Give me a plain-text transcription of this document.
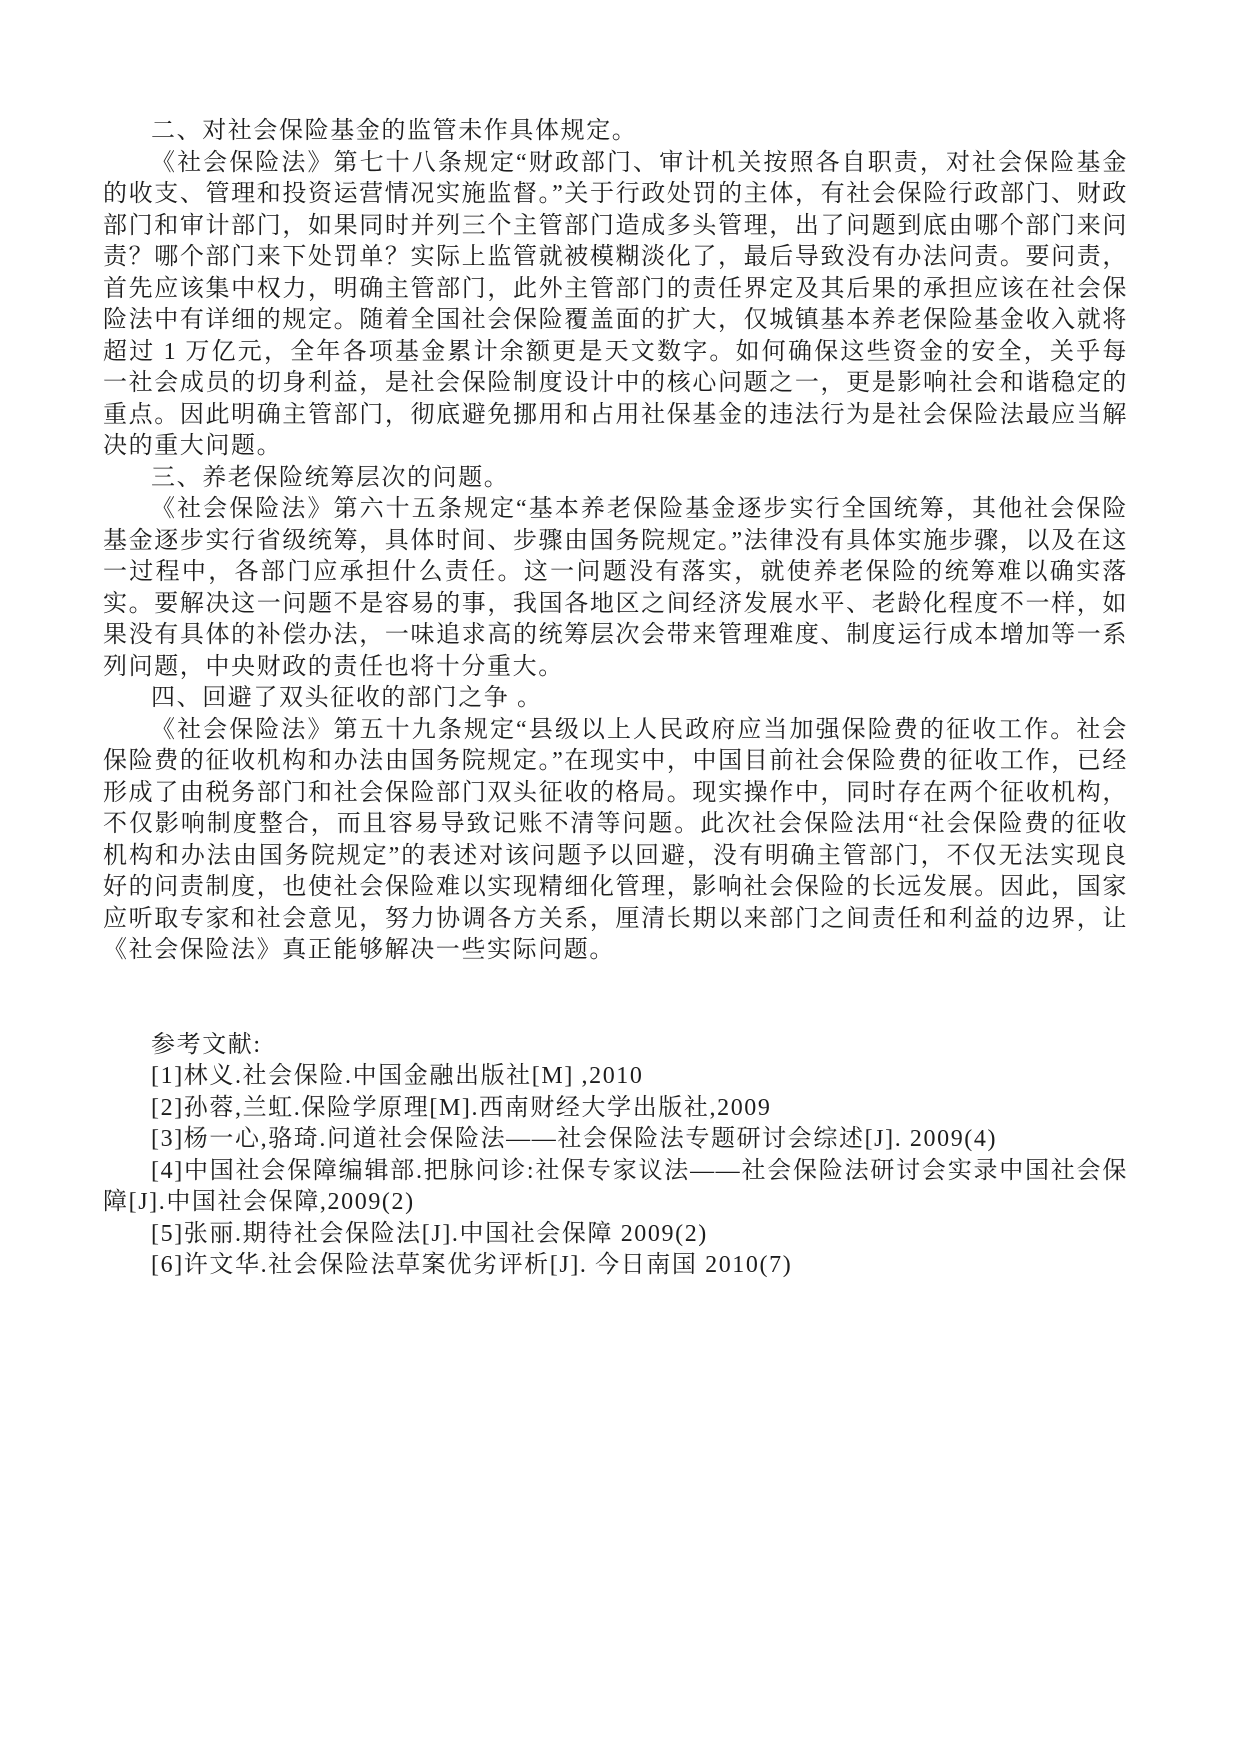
二、对社会保险基金的监管未作具体规定。

《社会保险法》第七十八条规定“财政部门、审计机关按照各自职责，对社会保险基金的收支、管理和投资运营情况实施监督。”关于行政处罚的主体，有社会保险行政部门、财政部门和审计部门，如果同时并列三个主管部门造成多头管理，出了问题到底由哪个部门来问责？哪个部门来下处罚单？实际上监管就被模糊淡化了，最后导致没有办法问责。要问责，首先应该集中权力，明确主管部门，此外主管部门的责任界定及其后果的承担应该在社会保险法中有详细的规定。随着全国社会保险覆盖面的扩大，仅城镇基本养老保险基金收入就将超过 1 万亿元，全年各项基金累计余额更是天文数字。如何确保这些资金的安全，关乎每一社会成员的切身利益，是社会保险制度设计中的核心问题之一，更是影响社会和谐稳定的重点。因此明确主管部门，彻底避免挪用和占用社保基金的违法行为是社会保险法最应当解决的重大问题。

三、养老保险统筹层次的问题。

《社会保险法》第六十五条规定“基本养老保险基金逐步实行全国统筹，其他社会保险基金逐步实行省级统筹，具体时间、步骤由国务院规定。”法律没有具体实施步骤，以及在这一过程中，各部门应承担什么责任。这一问题没有落实，就使养老保险的统筹难以确实落实。要解决这一问题不是容易的事，我国各地区之间经济发展水平、老龄化程度不一样，如果没有具体的补偿办法，一味追求高的统筹层次会带来管理难度、制度运行成本增加等一系列问题，中央财政的责任也将十分重大。

四、回避了双头征收的部门之争 。

《社会保险法》第五十九条规定“县级以上人民政府应当加强保险费的征收工作。社会保险费的征收机构和办法由国务院规定。”在现实中，中国目前社会保险费的征收工作，已经形成了由税务部门和社会保险部门双头征收的格局。现实操作中，同时存在两个征收机构，不仅影响制度整合，而且容易导致记账不清等问题。此次社会保险法用“社会保险费的征收机构和办法由国务院规定”的表述对该问题予以回避，没有明确主管部门，不仅无法实现良好的问责制度，也使社会保险难以实现精细化管理，影响社会保险的长远发展。因此，国家应听取专家和社会意见，努力协调各方关系，厘清长期以来部门之间责任和利益的边界，让《社会保险法》真正能够解决一些实际问题。

参考文献:

[1]林义.社会保险.中国金融出版社[M] ,2010

[2]孙蓉,兰虹.保险学原理[M].西南财经大学出版社,2009

[3]杨一心,骆琦.问道社会保险法——社会保险法专题研讨会综述[J]. 2009(4)

[4]中国社会保障编辑部.把脉问诊:社保专家议法——社会保险法研讨会实录中国社会保障[J].中国社会保障,2009(2)

[5]张丽.期待社会保险法[J].中国社会保障 2009(2)

[6]许文华.社会保险法草案优劣评析[J]. 今日南国 2010(7)
